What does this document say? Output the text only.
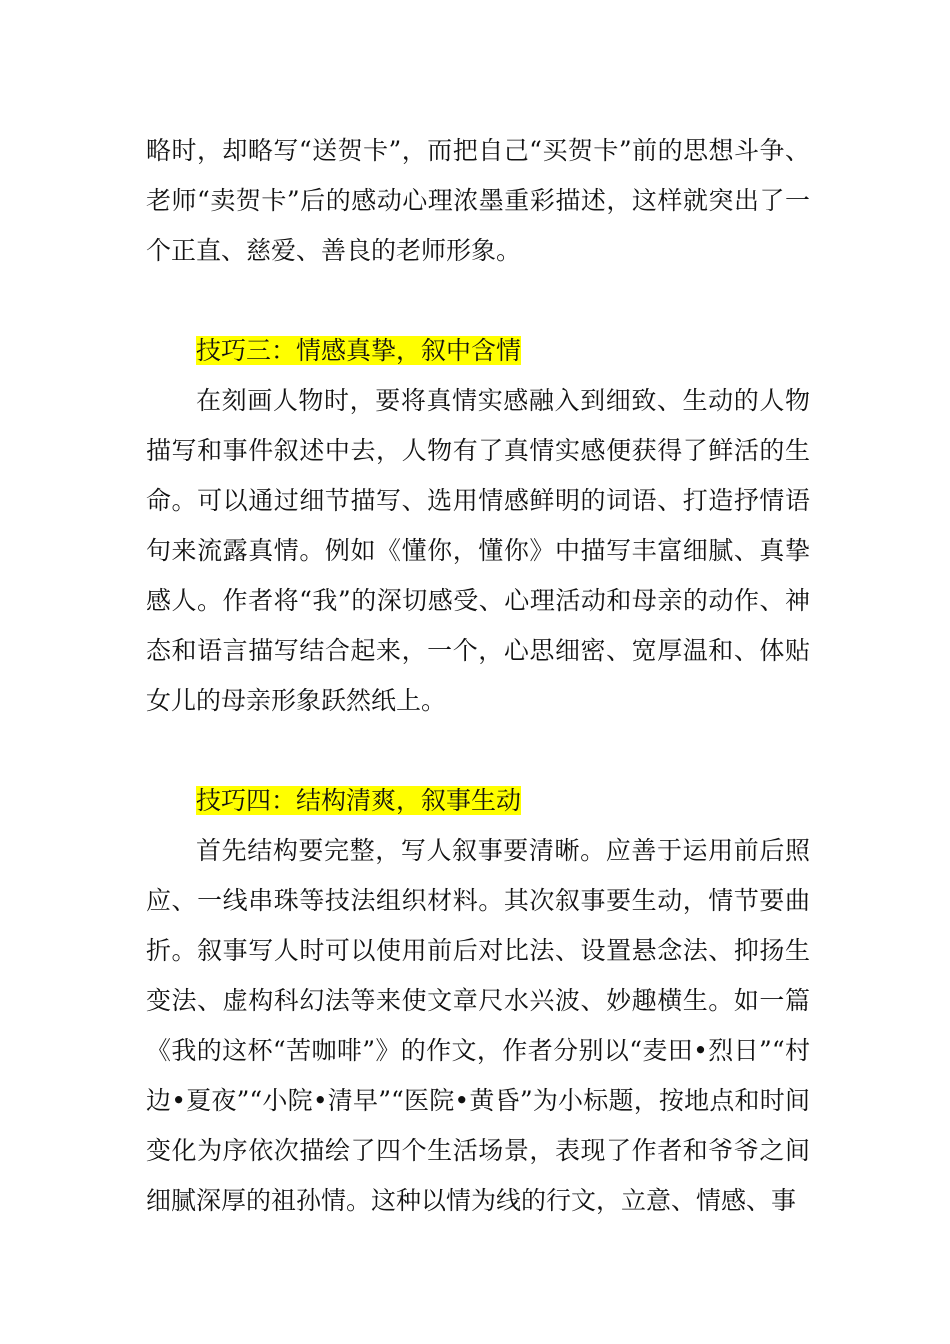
略时，却略写“送贺卡”，而把自己“买贺卡”前的思想斗争、老师“卖贺卡”后的感动心理浓墨重彩描述，这样就突出了一个正直、慈爱、善良的老师形象。

技巧三：情感真挚，叙中含情

在刻画人物时，要将真情实感融入到细致、生动的人物描写和事件叙述中去，人物有了真情实感便获得了鲜活的生命。可以通过细节描写、选用情感鲜明的词语、打造抒情语句来流露真情。例如《懂你，懂你》中描写丰富细腻、真挚感人。作者将“我”的深切感受、心理活动和母亲的动作、神态和语言描写结合起来，一个，心思细密、宽厚温和、体贴女儿的母亲形象跃然纸上。

技巧四：结构清爽，叙事生动

首先结构要完整，写人叙事要清晰。应善于运用前后照应、一线串珠等技法组织材料。其次叙事要生动，情节要曲折。叙事写人时可以使用前后对比法、设置悬念法、抑扬生变法、虚构科幻法等来使文章尺水兴波、妙趣横生。如一篇《我的这杯“苦咖啡”》的作文，作者分别以“麦田•烈日”“村边•夏夜”“小院•清早”“医院•黄昏”为小标题，按地点和时间变化为序依次描绘了四个生活场景，表现了作者和爷爷之间细腻深厚的祖孙情。这种以情为线的行文，立意、情感、事
